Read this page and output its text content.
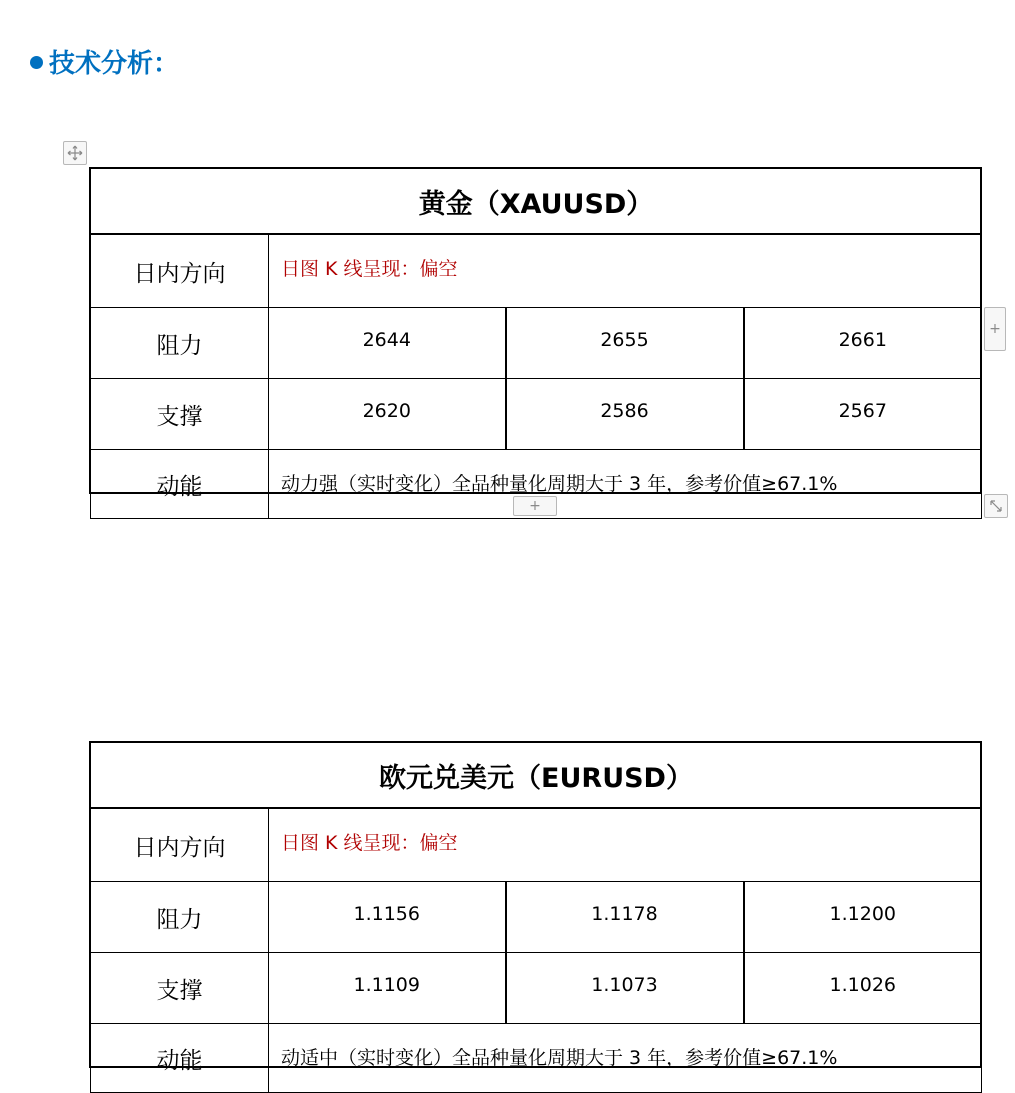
技术分析：
+
+
黄金（XAUUSD）			
日内方向	日图 K 线呈现：偏空		
阻力	2644	2655	2661
支撑	2620	2586	2567
动能	动力强（实时变化）全品种量化周期大于 3 年，参考价值≥67.1%		
欧元兑美元（EURUSD）			
日内方向	日图 K 线呈现：偏空		
阻力	1.1156	1.1178	1.1200
支撑	1.1109	1.1073	1.1026
动能	动适中（实时变化）全品种量化周期大于 3 年，参考价值≥67.1%		
